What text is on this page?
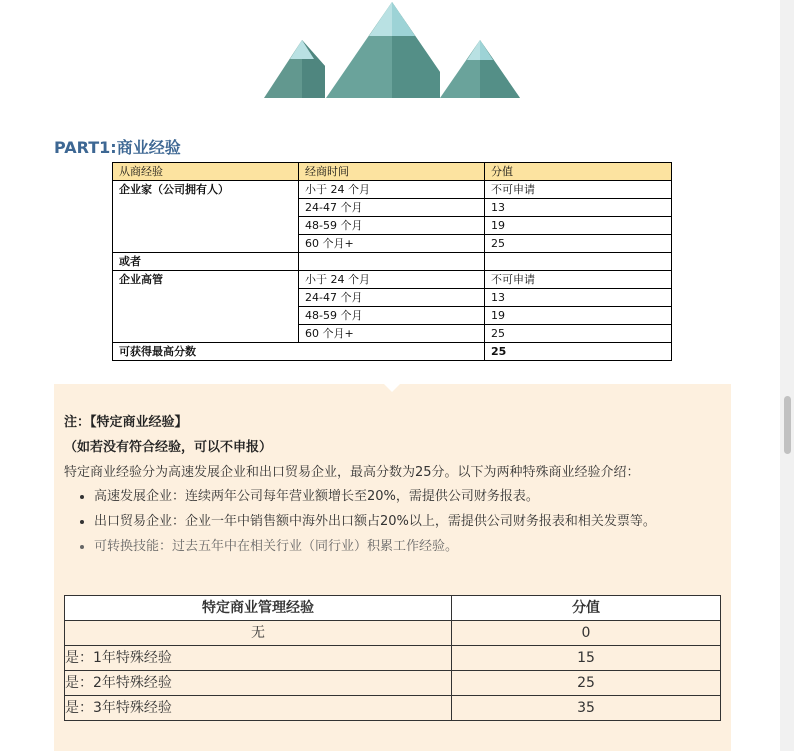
PART1:商业经验
从商经验	经商时间	分值
企业家（公司拥有人）	小于 24 个月	不可申请
	24-47 个月	13
	48-59 个月	19
	60 个月+	25
或者		
企业高管	小于 24 个月	不可申请
	24-47 个月	13
	48-59 个月	19
	60 个月+	25
可获得最高分数		25
注：【特定商业经验】
（如若没有符合经验，可以不申报）
特定商业经验分为高速发展企业和出口贸易企业，最高分数为25分。以下为两种特殊商业经验介绍：
• 高速发展企业：连续两年公司每年营业额增长至20%，需提供公司财务报表。
• 出口贸易企业：企业一年中销售额中海外出口额占20%以上，需提供公司财务报表和相关发票等。
• 可转换技能：过去五年中在相关行业（同行业）积累工作经验。
特定商业管理经验	分值
无	0
是：1年特殊经验	15
是：2年特殊经验	25
是：3年特殊经验	35
